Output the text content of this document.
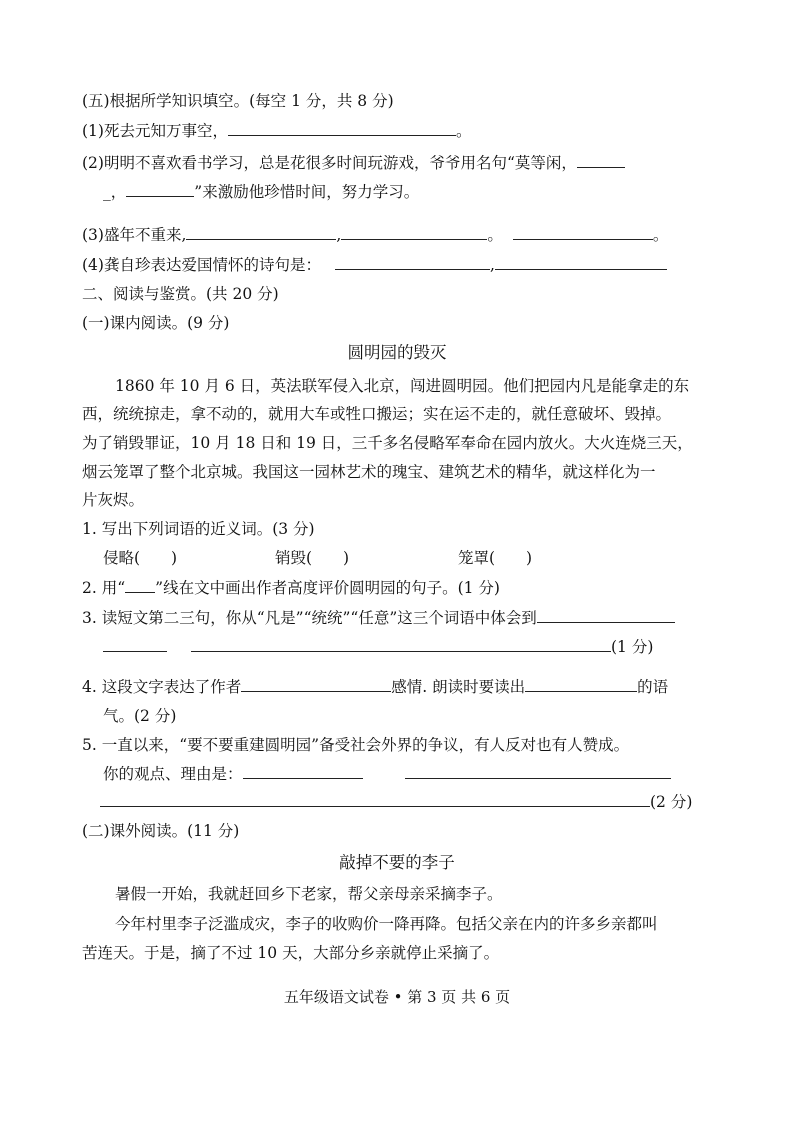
(五)根据所学知识填空。(每空 1 分，共 8 分)
(1)死去元知万事空，	。
(2)明明不喜欢看书学习，总是花很多时间玩游戏，爷爷用名句“莫等闲，
_，	”来激励他珍惜时间，努力学习。
(3)盛年不重来,	,	。	。
(4)龚自珍表达爱国情怀的诗句是：	,
二、阅读与鉴赏。(共 20 分)
(一)课内阅读。(9 分)
圆明园的毁灭
1860 年 10 月 6 日，英法联军侵入北京，闯进圆明园。他们把园内凡是能拿走的东
西，统统掠走，拿不动的，就用大车或牲口搬运；实在运不走的，就任意破坏、毁掉。
为了销毁罪证，10 月 18 日和 19 日，三千多名侵略军奉命在园内放火。大火连烧三天，
烟云笼罩了整个北京城。我国这一园林艺术的瑰宝、建筑艺术的精华，就这样化为一
片灰烬。
1. 写出下列词语的近义词。(3 分)
侵略(　　)	销毁(　　)	笼罩(　　)
2. 用“ ”线在文中画出作者高度评价圆明园的句子。(1 分)
3. 读短文第二三句，你从“凡是”“统统”“任意”这三个词语中体会到
(1 分)
4. 这段文字表达了作者	感情. 朗读时要读出	的语
气。(2 分)
5. 一直以来，“要不要重建圆明园”备受社会外界的争议，有人反对也有人赞成。
你的观点、理由是：
(2 分)
(二)课外阅读。(11 分)
敲掉不要的李子
暑假一开始，我就赶回乡下老家，帮父亲母亲采摘李子。
今年村里李子泛滥成灾，李子的收购价一降再降。包括父亲在内的许多乡亲都叫
苦连天。于是，摘了不过 10 天，大部分乡亲就停止采摘了。
五年级语文试卷 • 第 3 页 共 6 页
